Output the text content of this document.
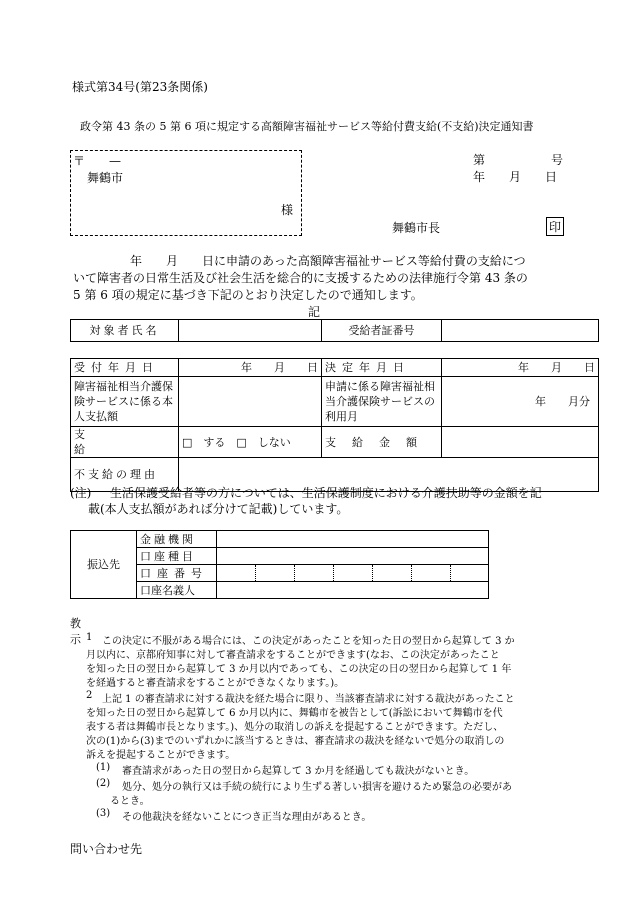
様式第34号(第23条関係)
政令第 43 条の 5 第 6 項に規定する高額障害福祉サービス等給付費支給(不支給)決定通知書
〒　　—
舞鶴市
様
第	号
年　　月　　日
舞鶴市長	印
年　　月　　日に申請のあった高額障害福祉サービス等給付費の支給につ
いて障害者の日常生活及び社会生活を総合的に支援するための法律施行令第 43 条の
5 第 6 項の規定に基づき下記のとおり決定したので通知します。
記
対象者氏名		受給者証番号	
受付年月日	年　　月　　日	決定年月日	年　　月　　日
障害福祉相当介護保険サービスに係る本人支払額		申請に係る障害福祉相当介護保険サービスの利用月	年　　月分
支給	□　する　□　しない	支給金額	
不支給の理由			
(注) 生活保護受給者等の方については、生活保護制度における介護扶助等の金額を記
載(本人支払額があれば分けて記載)しています。
振込先	金融機関	
	口座種目	
	口座番号	

	口座名義人	
教示 1 この決定に不服がある場合には、この決定があったことを知った日の翌日から起算して 3 か
月以内に、京都府知事に対して審査請求をすることができます(なお、この決定があったこと
を知った日の翌日から起算して 3 か月以内であっても、この決定の日の翌日から起算して 1 年
を経過すると審査請求をすることができなくなります。)。
2 上記 1 の審査請求に対する裁決を経た場合に限り、当該審査請求に対する裁決があったこと
を知った日の翌日から起算して 6 か月以内に、舞鶴市を被告として(訴訟において舞鶴市を代
表する者は舞鶴市長となります。)、処分の取消しの訴えを提起することができます。ただし、
次の(1)から(3)までのいずれかに該当するときは、審査請求の裁決を経ないで処分の取消しの
訴えを提起することができます。
(1) 審査請求があった日の翌日から起算して 3 か月を経過しても裁決がないとき。
(2) 処分、処分の執行又は手続の続行により生ずる著しい損害を避けるため緊急の必要があ
るとき。
(3) その他裁決を経ないことにつき正当な理由があるとき。
問い合わせ先
